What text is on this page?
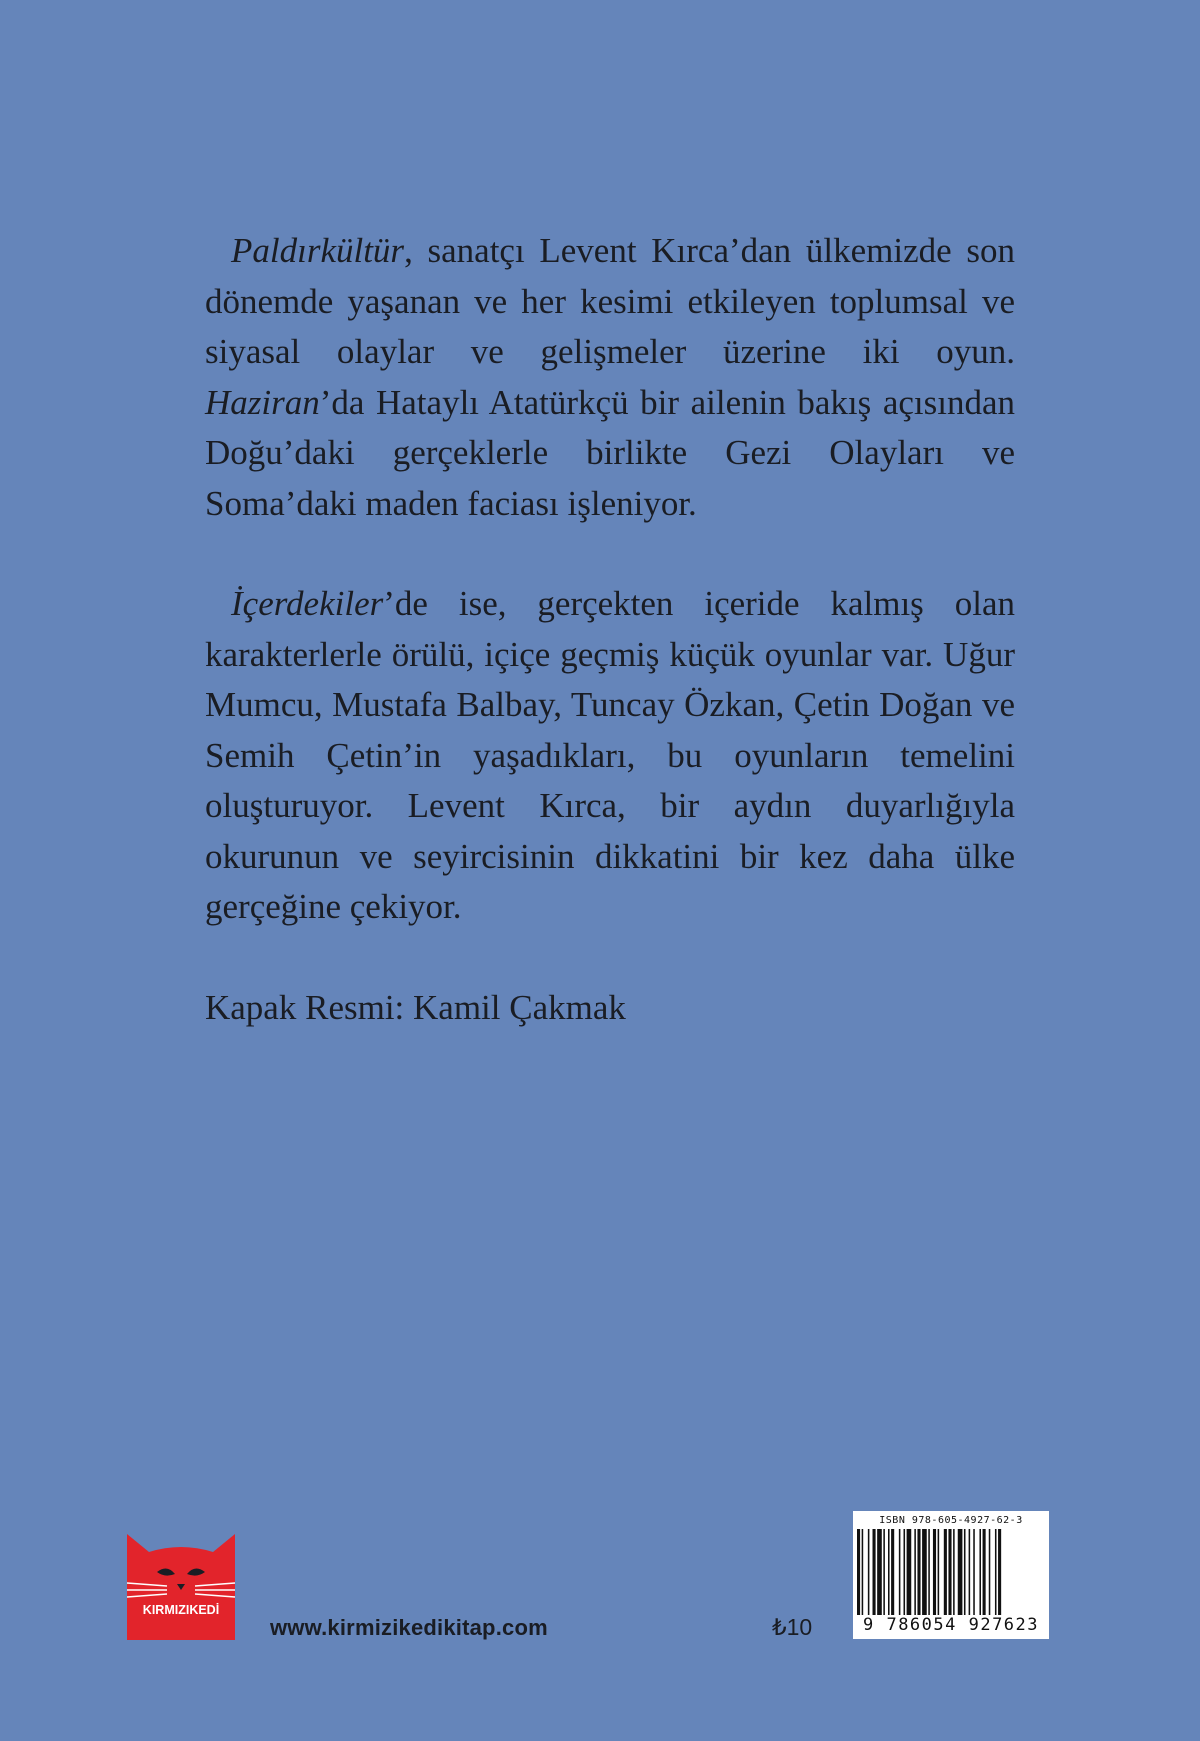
Paldırkültür, sanatçı Levent Kırca’dan ülkemizde son dönemde yaşanan ve her kesimi etkileyen toplumsal ve siyasal olaylar ve gelişmeler üzerine iki oyun. Haziran’da Hataylı Atatürkçü bir ailenin bakış açısından Doğu’daki gerçeklerle birlikte Gezi Olayları ve Soma’daki maden faciası işleniyor.

İçerdekiler’de ise, gerçekten içeride kalmış olan karakterlerle örülü, içiçe geçmiş küçük oyunlar var. Uğur Mumcu, Mustafa Balbay, Tuncay Özkan, Çetin Doğan ve Semih Çetin’in yaşadıkları, bu oyunların temelini oluşturuyor. Levent Kırca, bir aydın duyarlığıyla okurunun ve seyircisinin dikkatini bir kez daha ülke gerçeğine çekiyor.

Kapak Resmi: Kamil Çakmak

KIRMIZIKEDİ
www.kirmizikedikitap.com	₺10
ISBN 978-605-4927-62-3
9 786054 927623
